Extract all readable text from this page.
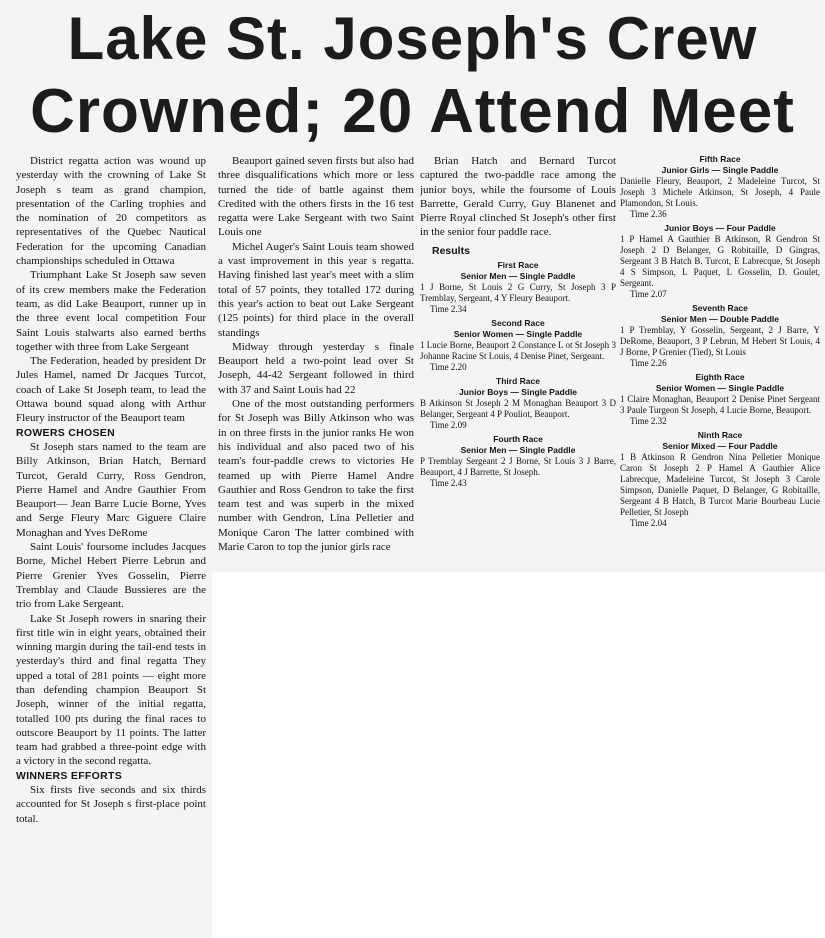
Lake St. Joseph's Crew
Crowned; 20 Attend Meet

District regatta action was wound up yesterday with the crowning of Lake St Joseph s team as grand champion, presentation of the Carling trophies and the nomination of 20 competitors as representatives of the Quebec Nautical Federation for the upcoming Canadian championships scheduled in Ottawa

Triumphant Lake St Joseph saw seven of its crew members make the Federation team, as did Lake Beauport, runner up in the three event local competition Four Saint Louis stalwarts also earned berths together with three from Lake Sergeant

The Federation, headed by president Dr Jules Hamel, named Dr Jacques Turcot, coach of Lake St Joseph team, to lead the Ottawa bound squad along with Arthur Fleury instructor of the Beauport team

ROWERS CHOSEN

St Joseph stars named to the team are Billy Atkinson, Brian Hatch, Bernard Turcot, Gerald Curry, Ross Gendron, Pierre Hamel and Andre Gauthier From Beauport— Jean Barre Lucie Borne, Yves and Serge Fleury Marc Giguere Claire Monaghan and Yves DeRome

Saint Louis' foursome includes Jacques Borne, Michel Hebert Pierre Lebrun and Pierre Grenier Yves Gosselin, Pierre Tremblay and Claude Bussieres are the trio from Lake Sergeant.

Lake St Joseph rowers in snaring their first title win in eight years, obtained their winning margin during the tail-end tests in yesterday's third and final regatta They upped a total of 281 points — eight more than defending champion Beauport St Joseph, winner of the initial regatta, totalled 100 pts during the final races to outscore Beauport by 11 points. The latter team had grabbed a three-point edge with a victory in the second regatta.

WINNERS EFFORTS

Six firsts five seconds and six thirds accounted for St Joseph s first-place point total.

Beauport gained seven firsts but also had three disqualifications which more or less turned the tide of battle against them Credited with the others firsts in the 16 test regatta were Lake Sergeant with two Saint Louis one

Michel Auger's Saint Louis team showed a vast improvement in this year s regatta. Having finished last year's meet with a slim total of 57 points, they totalled 172 during this year's action to beat out Lake Sergeant (125 points) for third place in the overall standings

Midway through yesterday s finale Beauport held a two-point lead over St Joseph, 44-42 Sergeant followed in third with 37 and Saint Louis had 22

One of the most outstanding performers for St Joseph was Billy Atkinson who was in on three firsts in the junior ranks He won his individual and also paced two of his team's four-paddle crews to victories He teamed up with Pierre Hamel Andre Gauthier and Ross Gendron to take the first team test and was superb in the mixed number with Gendron, Lina Pelletier and Monique Caron The latter combined with Marie Caron to top the junior girls race

Brian Hatch and Bernard Turcot captured the two-paddle race among the junior boys, while the foursome of Louis Barrette, Gerald Curry, Guy Blanenet and Pierre Royal clinched St Joseph's other first in the senior four paddle race.

Results
First Race
Senior Men — Single Paddle
1 J Borne, St Louis 2 G Curry, St Joseph 3 P Tremblay, Sergeant, 4 Y Fleury Beauport.
Time 2.34
Second Race
Senior Women — Single Paddle
1 Lucie Borne, Beauport 2 Constance L ot St Joseph 3 Johanne Racine St Louis, 4 Denise Pinet, Sergeant.
Time 2.20
Third Race
Junior Boys — Single Paddle
B Atkinson St Joseph 2 M Monaghan Beauport 3 D Belanger, Sergeant 4 P Pouliot, Beauport.
Time 2.09
Fourth Race
Senior Men — Single Paddle
P Tremblay Sergeant 2 J Borne, St Louis 3 J Barre, Beauport, 4 J Barrette, St Joseph.
Time 2.43
Fifth Race
Junior Girls — Single Paddle
Danielle Fleury, Beauport, 2 Madeleine Turcot, St Joseph 3 Michele Atkinson, St Joseph, 4 Paule Plamondon, St Louis.
Time 2.36
Junior Boys — Four Paddle
1 P Hamel A Gauthier B Atkinson, R Gendron St Joseph 2 D Belanger, G Robitaille, D Gingras, Sergeant 3 B Hatch B. Turcot, E Labrecque, St Joseph 4 S Simpson, L Paquet, L Gosselin, D. Goulet, Sergeant.
Time 2.07
Seventh Race
Senior Men — Double Paddle
1 P Tremblay, Y Gosselin, Sergeant, 2 J Barre, Y DeRome, Beauport, 3 P Lebrun, M Hebert St Louis, 4 J Borne, P Grenier (Tied), St Louis
Time 2.26
Eighth Race
Senior Women — Single Paddle
1 Claire Monaghan, Beauport 2 Denise Pinet Sergeant 3 Paule Turgeon St Joseph, 4 Lucie Borne, Beauport.
Time 2.32
Ninth Race
Senior Mixed — Four Paddle
1 B Atkinson R Gendron Nina Pelletier Monique Caron St Joseph 2 P Hamel A Gauthier Alice Labrecque, Madeleine Turcot, St Joseph 3 Carole Simpson, Danielle Paquet, D Belanger, G Robitaille, Sergeant 4 B Hatch, B Turcot Marie Bourbeau Lucie Pelletier, St Joseph
Time 2.04
